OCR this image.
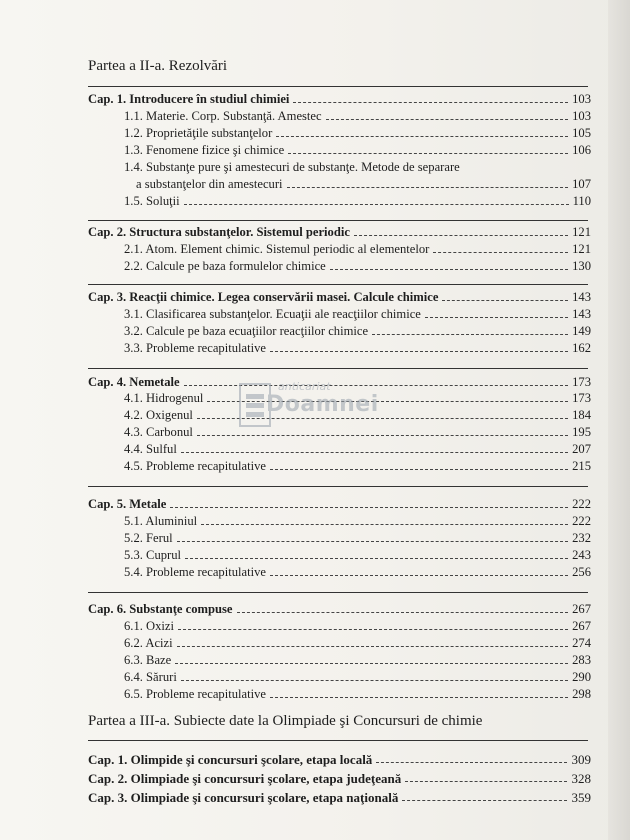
Partea a II-a. Rezolvări
Cap. 1. Introducere în studiul chimiei	103
1.1. Materie. Corp. Substanţă. Amestec	103
1.2. Proprietăţile substanţelor	105
1.3. Fenomene fizice şi chimice	106
1.4. Substanţe pure şi amestecuri de substanţe. Metode de separare
a substanţelor din amestecuri	107
1.5. Soluţii	110
Cap. 2. Structura substanţelor. Sistemul periodic	121
2.1. Atom. Element chimic. Sistemul periodic al elementelor	121
2.2. Calcule pe baza formulelor chimice	130
Cap. 3. Reacţii chimice. Legea conservării masei. Calcule chimice	143
3.1. Clasificarea substanţelor. Ecuaţii ale reacţiilor chimice	143
3.2. Calcule pe baza ecuaţiilor reacţiilor chimice	149
3.3. Probleme recapitulative	162
Cap. 4. Nemetale	173
4.1. Hidrogenul	173
4.2. Oxigenul	184
4.3. Carbonul	195
4.4. Sulful	207
4.5. Probleme recapitulative	215
Cap. 5. Metale	222
5.1. Aluminiul	222
5.2. Ferul	232
5.3. Cuprul	243
5.4. Probleme recapitulative	256
Cap. 6. Substanţe compuse	267
6.1. Oxizi	267
6.2. Acizi	274
6.3. Baze	283
6.4. Săruri	290
6.5. Probleme recapitulative	298
Partea a III-a. Subiecte date la Olimpiade şi Concursuri de chimie
Cap. 1. Olimpide şi concursuri şcolare, etapa locală	309
Cap. 2. Olimpiade şi concursuri şcolare, etapa judeţeană	328
Cap. 3. Olimpiade şi concursuri şcolare, etapa naţională	359
anticariat
Doamnei
